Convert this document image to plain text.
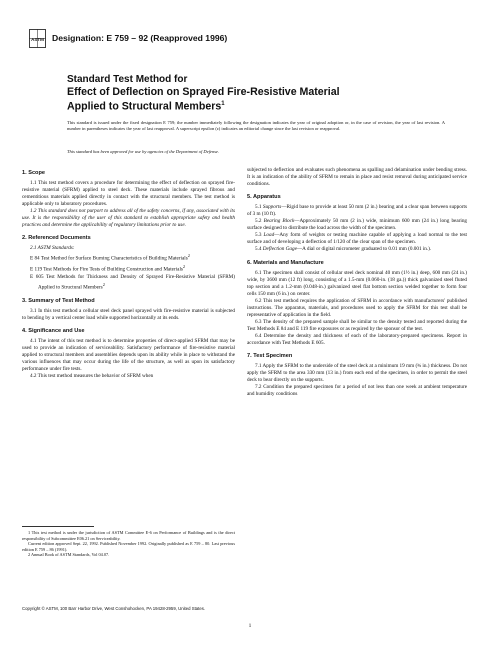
ASTM Designation: E 759 – 92 (Reapproved 1996)
Standard Test Method for
Effect of Deflection on Sprayed Fire-Resistive Material
Applied to Structural Members$^1$
This standard is issued under the fixed designation E 759; the number immediately following the designation indicates the year of original adoption or, in the case of revision, the year of last revision. A number in parentheses indicates the year of last reapproval. A superscript epsilon (ε) indicates an editorial change since the last revision or reapproval.
This standard has been approved for use by agencies of the Department of Defense.
1. Scope

1.1 This test method covers a procedure for determining the effect of deflection on sprayed fire-resistive material (SFRM) applied to steel deck. These materials include sprayed fibrous and cementitious materials applied directly in contact with the structural members. The test method is applicable only to laboratory procedures.

1.2 This standard does not purport to address all of the safety concerns, if any, associated with its use. It is the responsibility of the user of this standard to establish appropriate safety and health practices and determine the applicability of regulatory limitations prior to use.

2. Referenced Documents

2.1 ASTM Standards:

E 84 Test Method for Surface Burning Characteristics of Building Materials$^2$

E 119 Test Methods for Fire Tests of Building Construction and Materials$^2$

E 605 Test Methods for Thickness and Density of Sprayed Fire-Resistive Material (SFRM) Applied to Structural Members$^2$

3. Summary of Test Method

3.1 In this test method a cellular steel deck panel sprayed with fire-resistive material is subjected to bending by a vertical center load while supported horizontally at its ends.

4. Significance and Use

4.1 The intent of this test method is to determine properties of direct-applied SFRM that may be used to provide an indication of serviceability. Satisfactory performance of fire-resistive material applied to structural members and assemblies depends upon its ability while in place to withstand the various influences that may occur during the life of the structure, as well as upon its satisfactory performance under fire tests.

4.2 This test method measures the behavior of SFRM when

1 This test method is under the jurisdiction of ASTM Committee E-6 on Performance of Buildings and is the direct responsibility of Subcommittee E06.21 on Serviceability.

Current edition approved Sept. 22, 1992. Published November 1992. Originally published as E 759 – 80. Last previous edition E 759 – 86 (1991).

2 Annual Book of ASTM Standards, Vol 04.07.

subjected to deflection and evaluates such phenomena as spalling and delamination under bending stress. It is an indication of the ability of SFRM to remain in place and resist removal during anticipated service conditions.

5. Apparatus

5.1 Supports—Rigid base to provide at least 50 mm (2 in.) bearing and a clear span between supports of 3 m (10 ft).

5.2 Bearing Block—Approximately 50 mm (2 in.) wide, minimum 600 mm (24 in.) long bearing surface designed to distribute the load across the width of the specimen.

5.3 Load—Any form of weights or testing machine capable of applying a load normal to the test surface and of developing a deflection of 1/120 of the clear span of the specimen.

5.4 Deflection Gage—A dial or digital micrometer graduated to 0.01 mm (0.001 in.).

6. Materials and Manufacture

6.1 The specimen shall consist of cellular steel deck nominal 40 mm (1½ in.) deep, 600 mm (24 in.) wide, by 3600 mm (12 ft) long, consisting of a 1.5-mm (0.060-in. (18 ga.)) thick galvanized steel fluted top section and a 1.2-mm (0.048-in.) galvanized steel flat bottom section welded together to form four cells 150 mm (6 in.) on center.

6.2 This test method requires the application of SFRM in accordance with manufacturers' published instructions. The apparatus, materials, and procedures used to apply the SFRM for this test shall be representative of application in the field.

6.3 The density of the prepared sample shall be similar to the density tested and reported during the Test Methods E 84 and E 119 fire exposures or as required by the sponsor of the test.

6.4 Determine the density and thickness of each of the laboratory-prepared specimens. Report in accordance with Test Methods E 605.

7. Test Specimen

7.1 Apply the SFRM to the underside of the steel deck at a minimum 19 mm (¾ in.) thickness. Do not apply the SFRM to the area 330 mm (13 in.) from each end of the specimen, in order to permit the steel deck to bear directly on the supports.

7.2 Condition the prepared specimen for a period of not less than one week at ambient temperature and humidity conditions

Copyright © ASTM, 100 Barr Harbor Drive, West Conshohocken, PA 19428-2959, United States.
1
